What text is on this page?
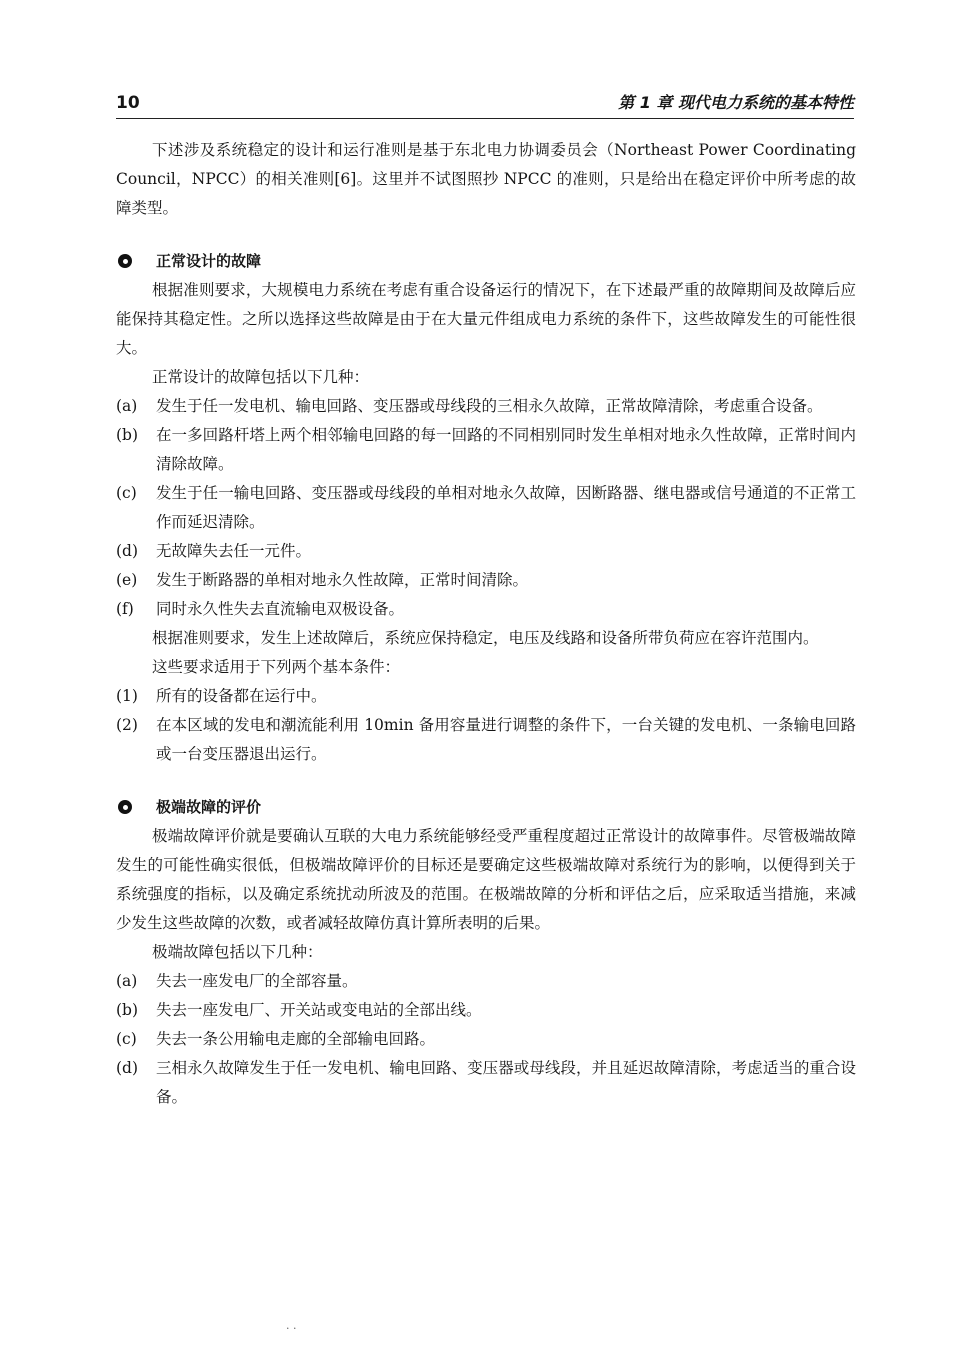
10	第 1 章 现代电力系统的基本特性

下述涉及系统稳定的设计和运行准则是基于东北电力协调委员会（Northeast Power Coordinating Council，NPCC）的相关准则[6]。这里并不试图照抄 NPCC 的准则，只是给出在稳定评价中所考虑的故障类型。

正常设计的故障

根据准则要求，大规模电力系统在考虑有重合设备运行的情况下，在下述最严重的故障期间及故障后应能保持其稳定性。之所以选择这些故障是由于在大量元件组成电力系统的条件下，这些故障发生的可能性很大。

正常设计的故障包括以下几种：

(a) 发生于任一发电机、输电回路、变压器或母线段的三相永久故障，正常故障清除，考虑重合设备。
(b) 在一多回路杆塔上两个相邻输电回路的每一回路的不同相别同时发生单相对地永久性故障，正常时间内清除故障。
(c) 发生于任一输电回路、变压器或母线段的单相对地永久故障，因断路器、继电器或信号通道的不正常工作而延迟清除。
(d) 无故障失去任一元件。
(e) 发生于断路器的单相对地永久性故障，正常时间清除。
(f) 同时永久性失去直流输电双极设备。

根据准则要求，发生上述故障后，系统应保持稳定，电压及线路和设备所带负荷应在容许范围内。

这些要求适用于下列两个基本条件：

(1) 所有的设备都在运行中。
(2) 在本区域的发电和潮流能利用 10min 备用容量进行调整的条件下，一台关键的发电机、一条输电回路或一台变压器退出运行。
极端故障的评价

极端故障评价就是要确认互联的大电力系统能够经受严重程度超过正常设计的故障事件。尽管极端故障发生的可能性确实很低，但极端故障评价的目标还是要确定这些极端故障对系统行为的影响，以便得到关于系统强度的指标，以及确定系统扰动所波及的范围。在极端故障的分析和评估之后，应采取适当措施，来减少发生这些故障的次数，或者减轻故障仿真计算所表明的后果。

极端故障包括以下几种：

(a) 失去一座发电厂的全部容量。
(b) 失去一座发电厂、开关站或变电站的全部出线。
(c) 失去一条公用输电走廊的全部输电回路。
(d) 三相永久故障发生于任一发电机、输电回路、变压器或母线段，并且延迟故障清除，考虑适当的重合设备。
· ·
